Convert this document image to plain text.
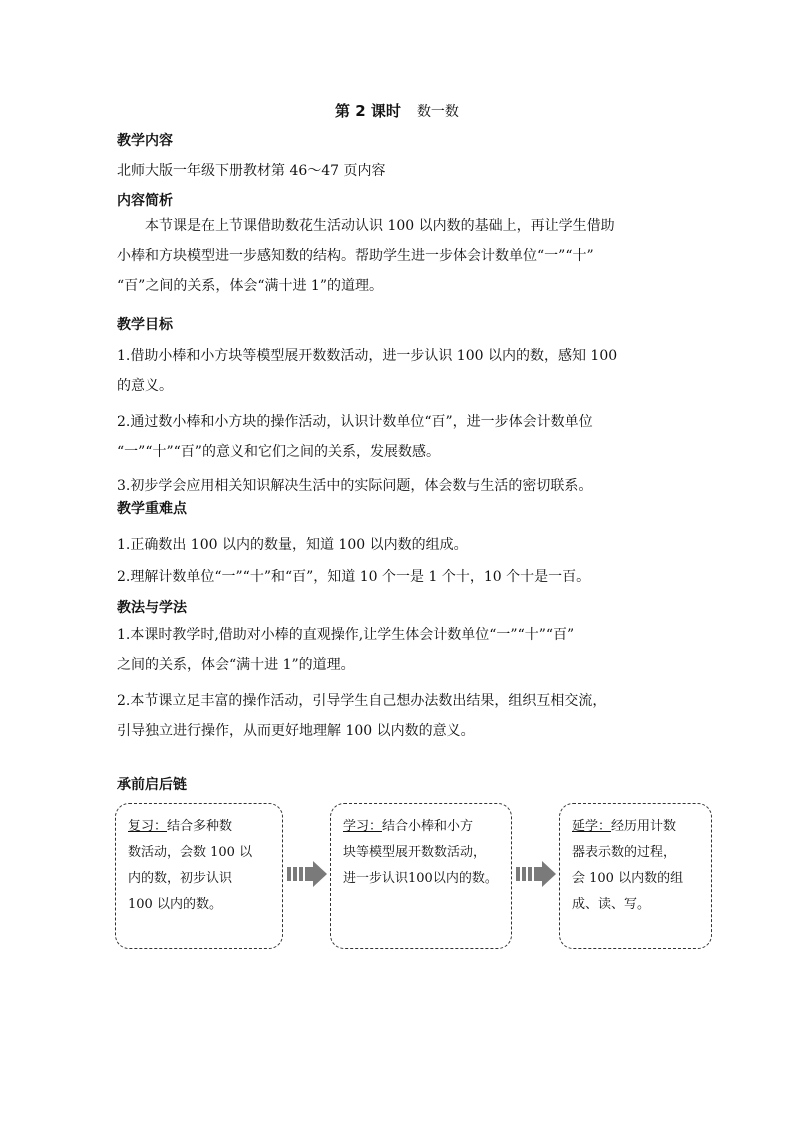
第 2 课时 数一数
教学内容
北师大版一年级下册教材第 46～47 页内容
内容简析
本节课是在上节课借助数花生活动认识 100 以内数的基础上，再让学生借助
小棒和方块模型进一步感知数的结构。帮助学生进一步体会计数单位“一”“十”
“百”之间的关系，体会“满十进 1”的道理。
教学目标
1.借助小棒和小方块等模型展开数数活动，进一步认识 100 以内的数，感知 100
的意义。
2.通过数小棒和小方块的操作活动，认识计数单位“百”，进一步体会计数单位
“一”“十”“百”的意义和它们之间的关系，发展数感。
3.初步学会应用相关知识解决生活中的实际问题，体会数与生活的密切联系。
教学重难点
1.正确数出 100 以内的数量，知道 100 以内数的组成。
2.理解计数单位“一”“十”和“百”，知道 10 个一是 1 个十，10 个十是一百。
教法与学法
1.本课时教学时,借助对小棒的直观操作,让学生体会计数单位“一”“十”“百”
之间的关系，体会“满十进 1”的道理。
2.本节课立足丰富的操作活动，引导学生自己想办法数出结果，组织互相交流，
引导独立进行操作，从而更好地理解 100 以内数的意义。
承前启后链
复习：结合多种数
数活动，会数 100 以
内的数，初步认识
100 以内的数。
学习：结合小棒和小方
块等模型展开数数活动，
进一步认识100以内的数。
延学：经历用计数
器表示数的过程，
会 100 以内数的组
成、读、写。
